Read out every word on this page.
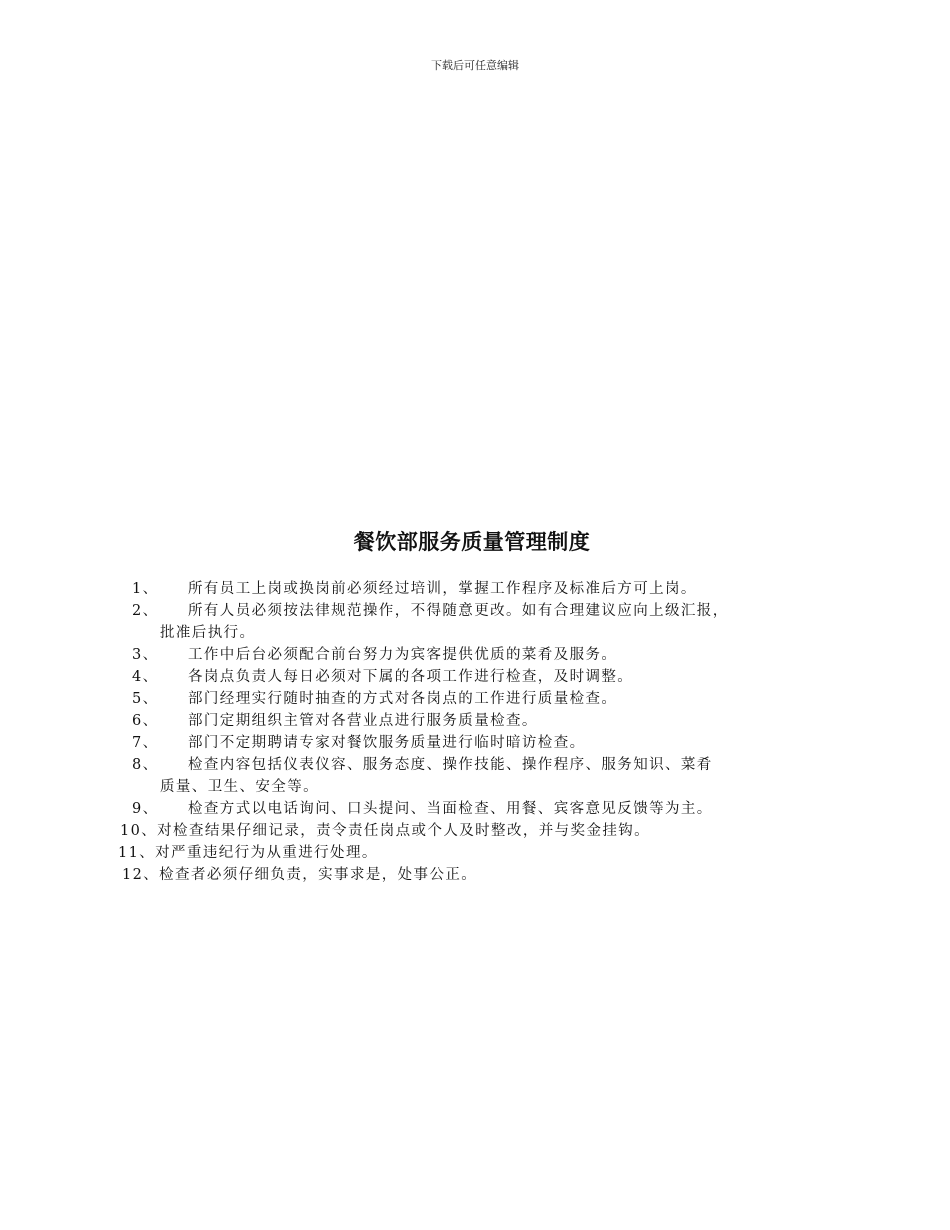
下载后可任意编辑
餐饮部服务质量管理制度
1、	所有员工上岗或换岗前必须经过培训，掌握工作程序及标准后方可上岗。
2、	所有人员必须按法律规范操作，不得随意更改。如有合理建议应向上级汇报，
批准后执行。
3、	工作中后台必须配合前台努力为宾客提供优质的菜肴及服务。
4、	各岗点负责人每日必须对下属的各项工作进行检查，及时调整。
5、	部门经理实行随时抽查的方式对各岗点的工作进行质量检查。
6、	部门定期组织主管对各营业点进行服务质量检查。
7、	部门不定期聘请专家对餐饮服务质量进行临时暗访检查。
8、	检查内容包括仪表仪容、服务态度、操作技能、操作程序、服务知识、菜肴
质量、卫生、安全等。
9、	检查方式以电话询问、口头提问、当面检查、用餐、宾客意见反馈等为主。
10、对检查结果仔细记录，责令责任岗点或个人及时整改，并与奖金挂钩。
11、对严重违纪行为从重进行处理。
12、检查者必须仔细负责，实事求是，处事公正。
